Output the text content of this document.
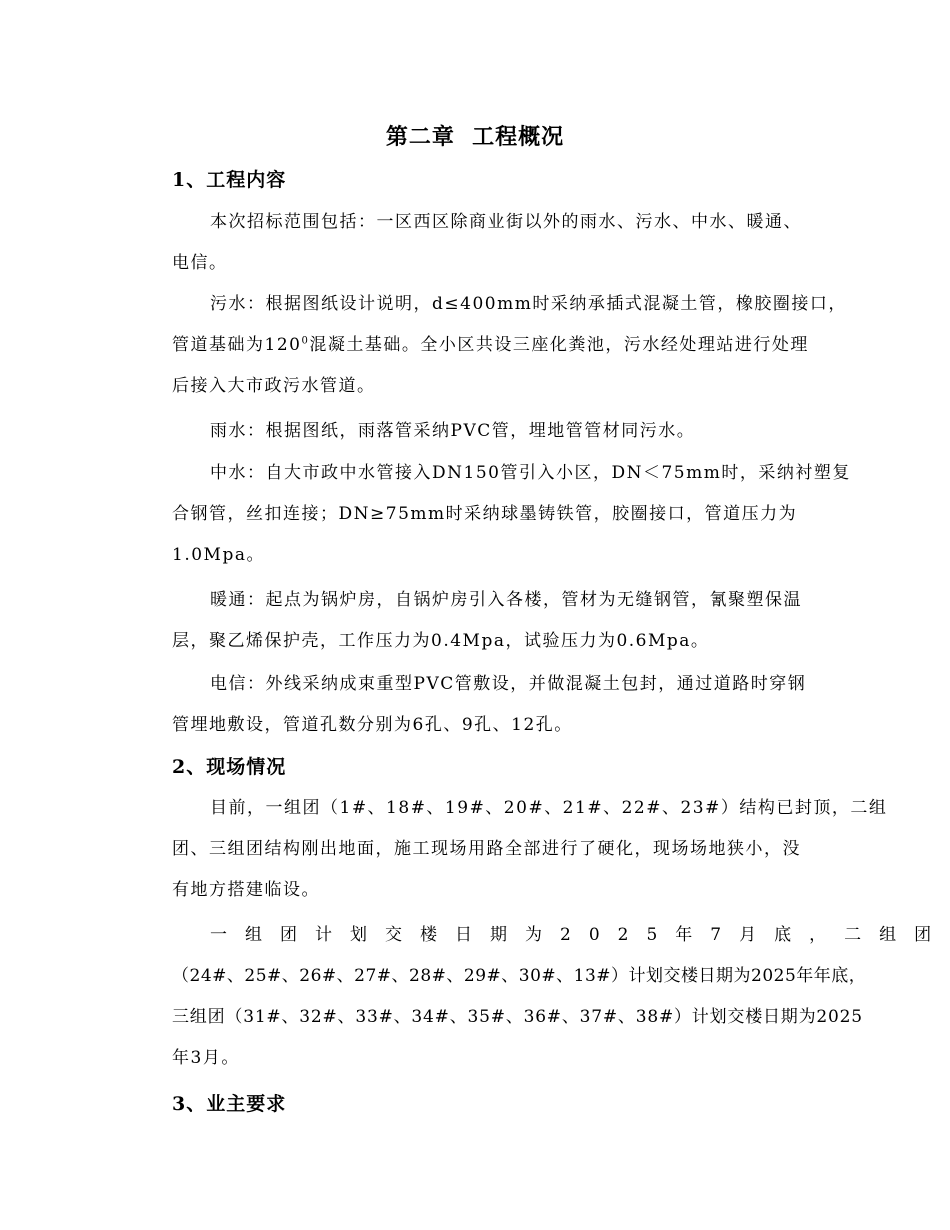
第二章  工程概况
1、工程内容
本次招标范围包括：一区西区除商业街以外的雨水、污水、中水、暖通、
电信。
污水：根据图纸设计说明，d≤400mm时采纳承插式混凝土管，橡胶圈接口，
管道基础为$120^0$混凝土基础。全小区共设三座化粪池，污水经处理站进行处理
后接入大市政污水管道。
雨水：根据图纸，雨落管采纳PVC管，埋地管管材同污水。
中水：自大市政中水管接入DN150管引入小区，DN＜75mm时，采纳衬塑复
合钢管，丝扣连接；DN≥75mm时采纳球墨铸铁管，胶圈接口，管道压力为
1.0Mpa。
暖通：起点为锅炉房，自锅炉房引入各楼，管材为无缝钢管，氰聚塑保温
层，聚乙烯保护壳，工作压力为0.4Mpa，试验压力为0.6Mpa。
电信：外线采纳成束重型PVC管敷设，并做混凝土包封，通过道路时穿钢
管埋地敷设，管道孔数分别为6孔、9孔、12孔。
2、现场情况
目前，一组团（1#、18#、19#、20#、21#、22#、23#）结构已封顶，二组
团、三组团结构刚出地面，施工现场用路全部进行了硬化，现场场地狭小，没
有地方搭建临设。
一组团计划交楼日期为2025年7月底，二组团
（24#、25#、26#、27#、28#、29#、30#、13#）计划交楼日期为2025年年底，
三组团（31#、32#、33#、34#、35#、36#、37#、38#）计划交楼日期为2025
年3月。
3、业主要求
